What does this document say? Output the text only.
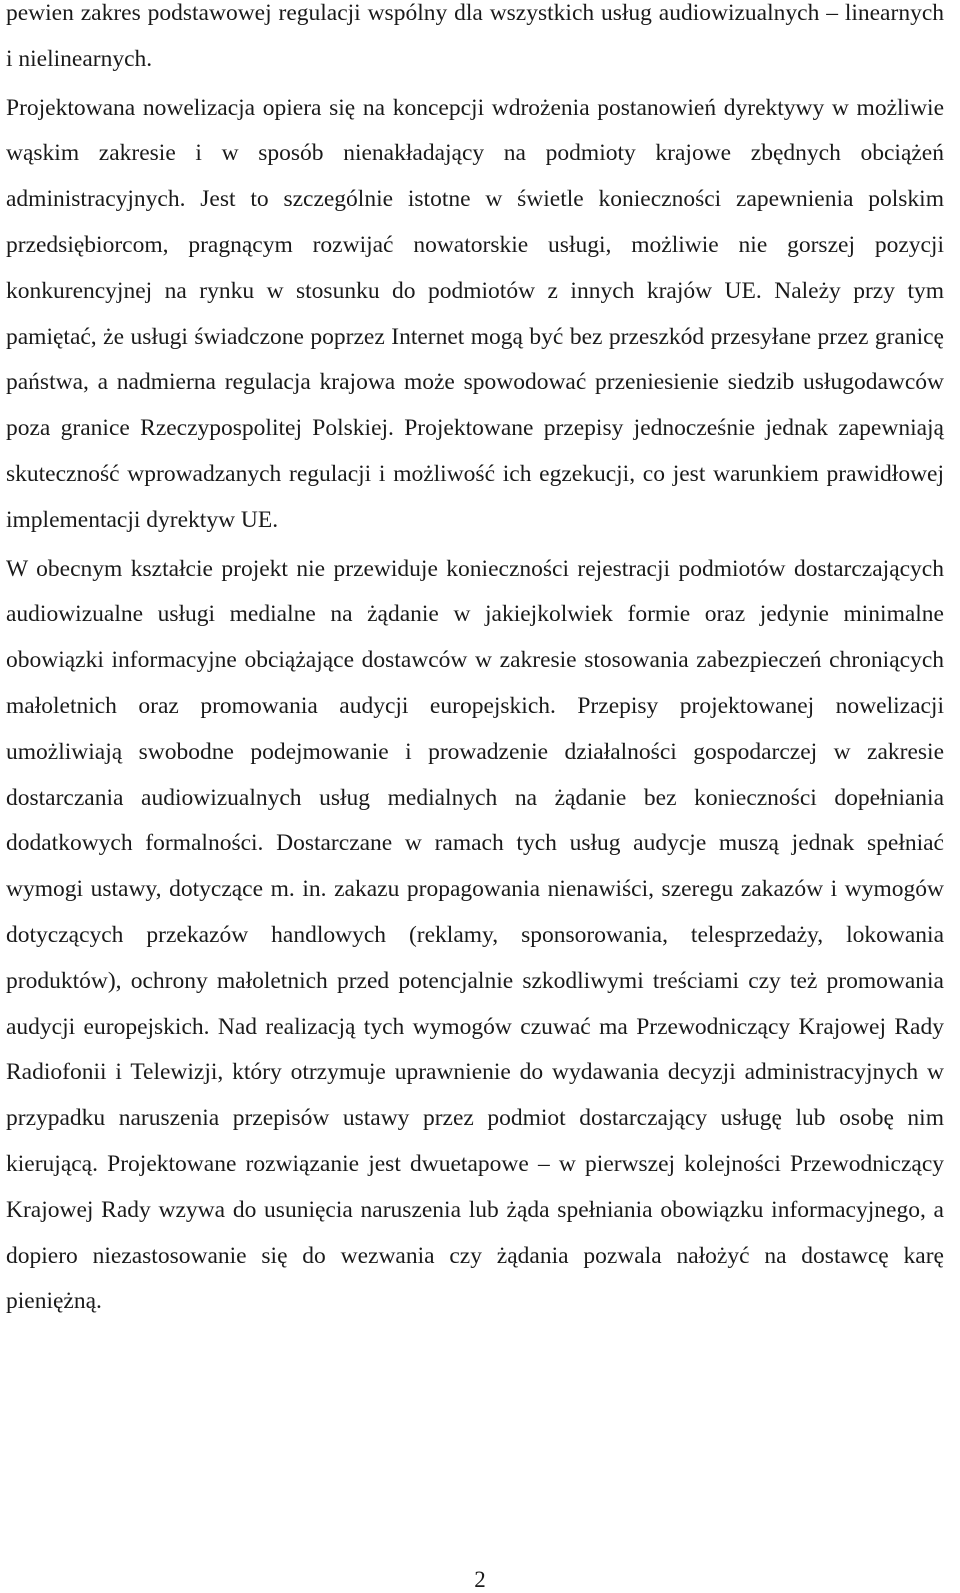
pewien zakres podstawowej regulacji wspólny dla wszystkich usług audiowizualnych – linearnych i nielinearnych.

Projektowana nowelizacja opiera się na koncepcji wdrożenia postanowień dyrektywy w możliwie wąskim zakresie i w sposób nienakładający na podmioty krajowe zbędnych obciążeń administracyjnych. Jest to szczególnie istotne w świetle konieczności zapewnienia polskim przedsiębiorcom, pragnącym rozwijać nowatorskie usługi, możliwie nie gorszej pozycji konkurencyjnej na rynku w stosunku do podmiotów z innych krajów UE. Należy przy tym pamiętać, że usługi świadczone poprzez Internet mogą być bez przeszkód przesyłane przez granicę państwa, a nadmierna regulacja krajowa może spowodować przeniesienie siedzib usługodawców poza granice Rzeczypospolitej Polskiej. Projektowane przepisy jednocześnie jednak zapewniają skuteczność wprowadzanych regulacji i możliwość ich egzekucji, co jest warunkiem prawidłowej implementacji dyrektyw UE.

W obecnym kształcie projekt nie przewiduje konieczności rejestracji podmiotów dostarczających audiowizualne usługi medialne na żądanie w jakiejkolwiek formie oraz jedynie minimalne obowiązki informacyjne obciążające dostawców w zakresie stosowania zabezpieczeń chroniących małoletnich oraz promowania audycji europejskich. Przepisy projektowanej nowelizacji umożliwiają swobodne podejmowanie i prowadzenie działalności gospodarczej w zakresie dostarczania audiowizualnych usług medialnych na żądanie bez konieczności dopełniania dodatkowych formalności. Dostarczane w ramach tych usług audycje muszą jednak spełniać wymogi ustawy, dotyczące m. in. zakazu propagowania nienawiści, szeregu zakazów i wymogów dotyczących przekazów handlowych (reklamy, sponsorowania, telesprzedaży, lokowania produktów), ochrony małoletnich przed potencjalnie szkodliwymi treściami czy też promowania audycji europejskich. Nad realizacją tych wymogów czuwać ma Przewodniczący Krajowej Rady Radiofonii i Telewizji, który otrzymuje uprawnienie do wydawania decyzji administracyjnych w przypadku naruszenia przepisów ustawy przez podmiot dostarczający usługę lub osobę nim kierującą. Projektowane rozwiązanie jest dwuetapowe – w pierwszej kolejności Przewodniczący Krajowej Rady wzywa do usunięcia naruszenia lub żąda spełniania obowiązku informacyjnego, a dopiero niezastosowanie się do wezwania czy żądania pozwala nałożyć na dostawcę karę pieniężną.

2
